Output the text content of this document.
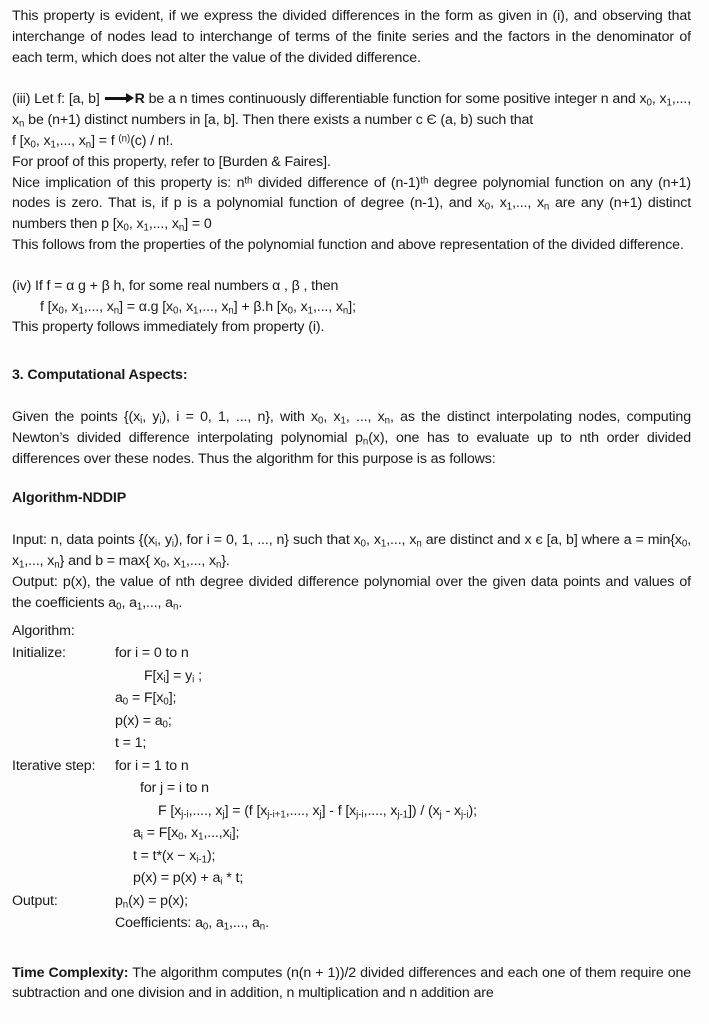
This property is evident, if we express the divided differences in the form as given in (i), and observing that interchange of nodes lead to interchange of terms of the finite series and the factors in the denominator of each term, which does not alter the value of the divided difference.
(iii) Let f: [a, b] R be a n times continuously differentiable function for some positive integer n and $x_0$, $x_1$,..., $x_n$ be (n+1) distinct numbers in [a, b]. Then there exists a number c Є (a, b) such that
f [$x_0$, $x_1$,..., $x_n] = f$ $^{(n)}$(c) / n!.
For proof of this property, refer to [Burden & Faires].
Nice implication of this property is: $n^{th}$ divided difference of $(n-1)^{th}$ degree polynomial function on any (n+1) nodes is zero. That is, if p is a polynomial function of degree (n-1), and $x_0$, $x_1$,..., $x_n$ are any (n+1) distinct numbers then p [$x_0$, $x_1$,..., $x_n] = 0$
This follows from the properties of the polynomial function and above representation of the divided difference.
(iv) If f = α g + β h, for some real numbers α , β , then
f [$x_0$, $x_1$,..., $x_n] = \alpha.g$ [$x_0$, $x_1$,..., $x_n] + \beta.h$ [$x_0$, $x_1$,..., $x_n$];
This property follows immediately from property (i).
3. Computational Aspects:
Given the points {($x_i$, $y_i$), i = 0, 1, ..., n}, with $x_0$, $x_1$, ..., $x_n$, as the distinct interpolating nodes, computing Newton’s divided difference interpolating polynomial $p_n(x)$, one has to evaluate up to nth order divided differences over these nodes. Thus the algorithm for this purpose is as follows:
Algorithm-NDDIP
Input: n, data points {($x_i$, $y_i$), for i = 0, 1, ..., n} such that $x_0$, $x_1$,..., $x_n$ are distinct and x є [a, b] where $a = \min\{x_0$, $x_1$,..., $x_n$} and b = max{ $x_0$, $x_1$,..., $x_n$}.
Output: p(x), the value of nth degree divided difference polynomial over the given data points and values of the coefficients $a_0$, $a_1$,..., $a_n$.
Algorithm:
Initialize:	for i = 0 to n
$F[x_i] = y_i$ ;
$a_0 = F[x_0]$;
$p(x) = a_0$;
t = 1;
Iterative step: for i = 1 to n
for j = i to n
F [$x_{j-i}$,...., $x_j] = (f$ [$x_{j-i+1}$,...., $x_j$] - f [$x_{j-i}$,...., $x_{j-1}]) / (x_j - x_{j-i})$;
$a_i = F[x_0$, $x_1,...,x_i$];
$t = t*(x - x_{i-1})$;
$p(x) = p(x) + a_i * t$;
Output:	$p_n(x) = p(x)$;
Coefficients: $a_0$, $a_1$,..., $a_n$.
Time Complexity: The algorithm computes (n(n + 1))/2 divided differences and each one of them require one subtraction and one division and in addition, n multiplication and n addition are
